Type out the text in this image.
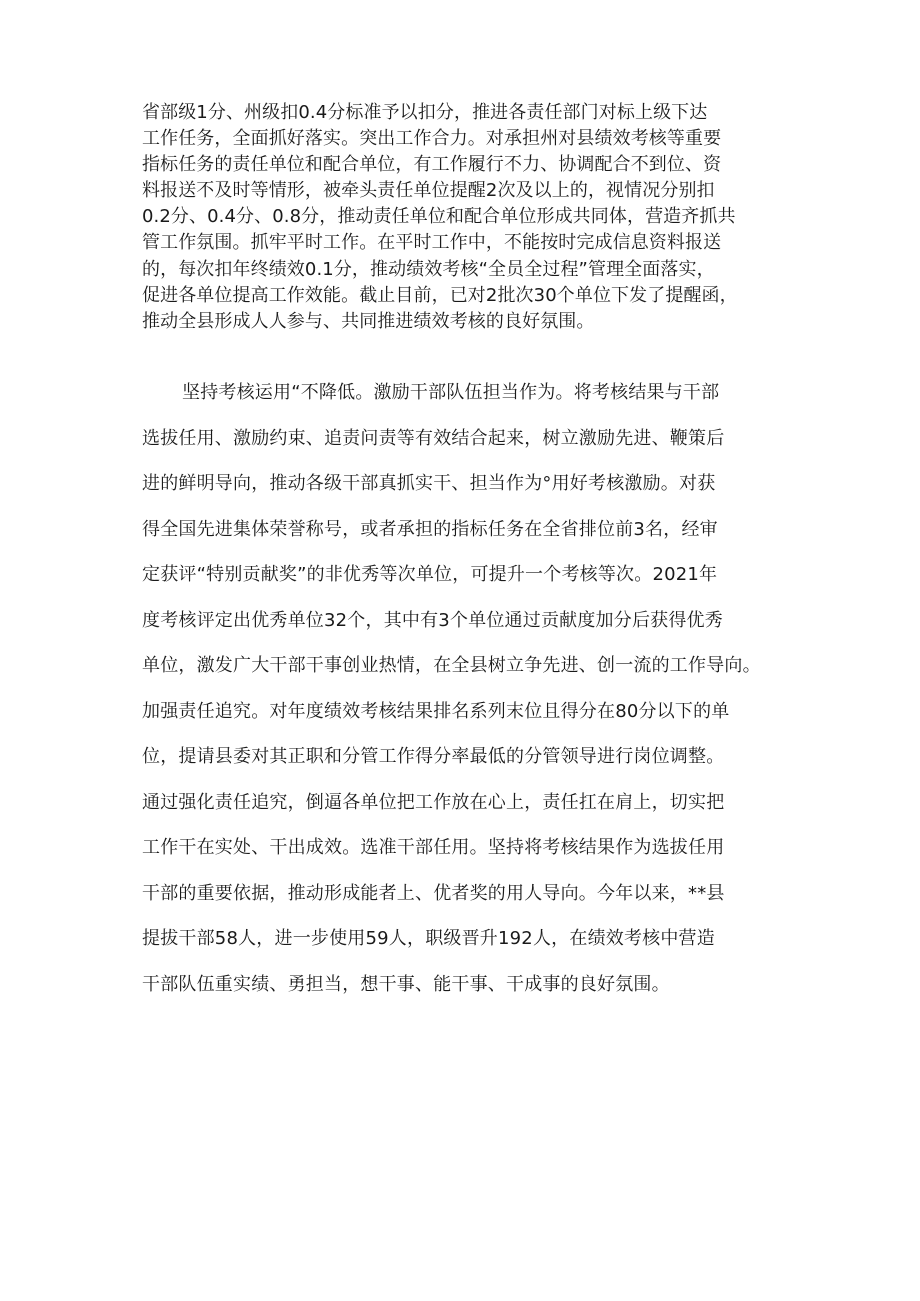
省部级1分、州级扣0.4分标准予以扣分，推进各责任部门对标上级下达
工作任务，全面抓好落实。突出工作合力。对承担州对县绩效考核等重要
指标任务的责任单位和配合单位，有工作履行不力、协调配合不到位、资
料报送不及时等情形，被牵头责任单位提醒2次及以上的，视情况分别扣
0.2分、0.4分、0.8分，推动责任单位和配合单位形成共同体，营造齐抓共
管工作氛围。抓牢平时工作。在平时工作中，不能按时完成信息资料报送
的，每次扣年终绩效0.1分，推动绩效考核“全员全过程”管理全面落实，
促进各单位提高工作效能。截止目前，已对2批次30个单位下发了提醒函，
推动全县形成人人参与、共同推进绩效考核的良好氛围。
坚持考核运用“不降低。激励干部队伍担当作为。将考核结果与干部
选拔任用、激励约束、追责问责等有效结合起来，树立激励先进、鞭策后
进的鲜明导向，推动各级干部真抓实干、担当作为°用好考核激励。对获
得全国先进集体荣誉称号，或者承担的指标任务在全省排位前3名，经审
定获评“特别贡献奖”的非优秀等次单位，可提升一个考核等次。2021年
度考核评定出优秀单位32个，其中有3个单位通过贡献度加分后获得优秀
单位，激发广大干部干事创业热情，在全县树立争先进、创一流的工作导向。
加强责任追究。对年度绩效考核结果排名系列末位且得分在80分以下的单
位，提请县委对其正职和分管工作得分率最低的分管领导进行岗位调整。
通过强化责任追究，倒逼各单位把工作放在心上，责任扛在肩上，切实把
工作干在实处、干出成效。选准干部任用。坚持将考核结果作为选拔任用
干部的重要依据，推动形成能者上、优者奖的用人导向。今年以来，**县
提拔干部58人，进一步使用59人，职级晋升192人，在绩效考核中营造
干部队伍重实绩、勇担当，想干事、能干事、干成事的良好氛围。
